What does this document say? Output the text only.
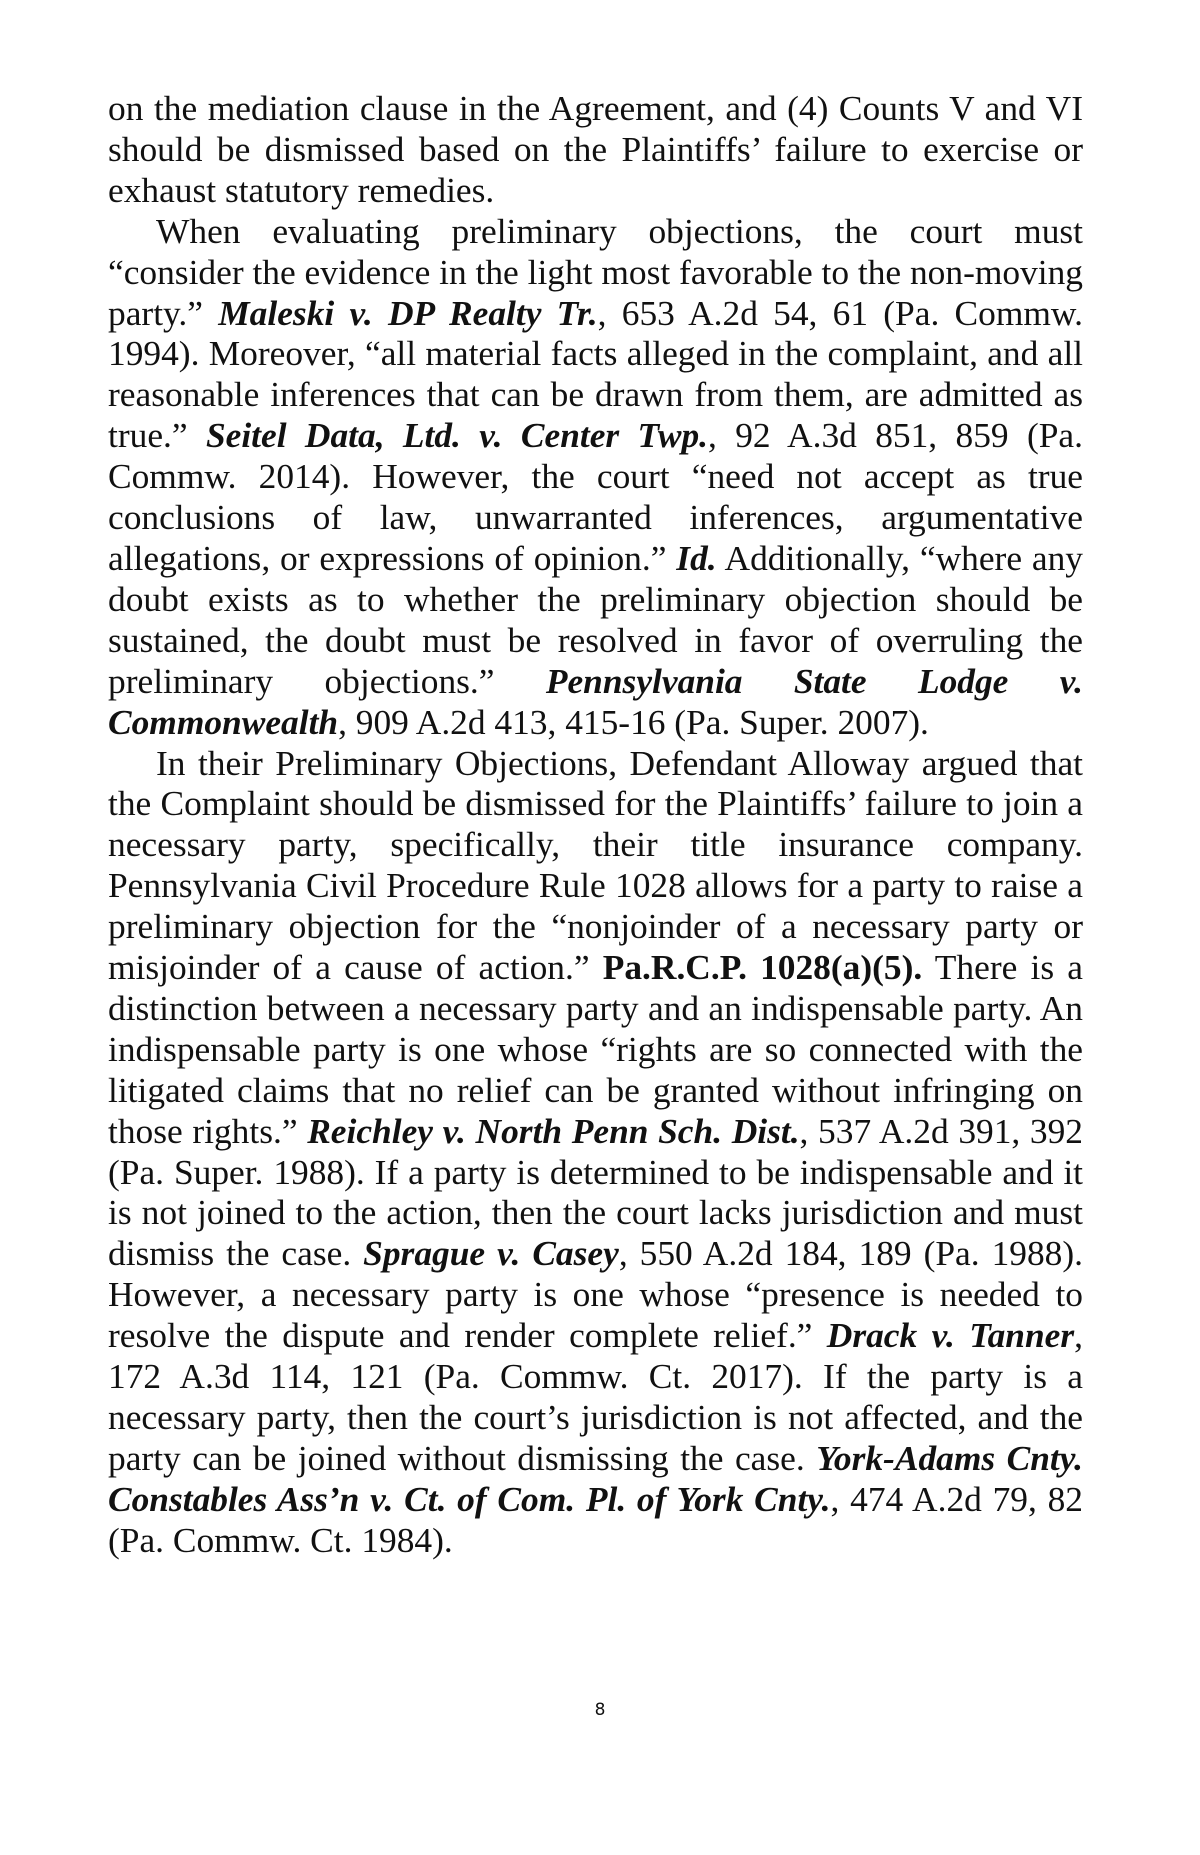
on the mediation clause in the Agreement, and (4) Counts V and VI should be dismissed based on the Plaintiffs’ failure to exercise or exhaust statutory remedies.

When evaluating preliminary objections, the court must “consider the evidence in the light most favorable to the non-moving party.” Maleski v. DP Realty Tr., 653 A.2d 54, 61 (Pa. Commw. 1994). Moreover, “all material facts alleged in the complaint, and all reasonable inferences that can be drawn from them, are admitted as true.” Seitel Data, Ltd. v. Center Twp., 92 A.3d 851, 859 (Pa. Commw. 2014). However, the court “need not accept as true conclusions of law, unwarranted inferences, argumentative allegations, or expressions of opinion.” Id. Additionally, “where any doubt exists as to whether the preliminary objection should be sustained, the doubt must be resolved in favor of overruling the preliminary objections.” Pennsylvania State Lodge v. Commonwealth, 909 A.2d 413, 415-16 (Pa. Super. 2007).

In their Preliminary Objections, Defendant Alloway argued that the Complaint should be dismissed for the Plaintiffs’ failure to join a necessary party, specifically, their title insurance company. Pennsylvania Civil Procedure Rule 1028 allows for a party to raise a preliminary objection for the “nonjoinder of a necessary party or misjoinder of a cause of action.” Pa.R.C.P. 1028(a)(5). There is a distinction between a necessary party and an indispensable party. An indispensable party is one whose “rights are so connected with the litigated claims that no relief can be granted without infringing on those rights.” Reichley v. North Penn Sch. Dist., 537 A.2d 391, 392 (Pa. Super. 1988). If a party is determined to be indispensable and it is not joined to the action, then the court lacks jurisdiction and must dismiss the case. Sprague v. Casey, 550 A.2d 184, 189 (Pa. 1988). However, a necessary party is one whose “presence is needed to resolve the dispute and render complete relief.” Drack v. Tanner, 172 A.3d 114, 121 (Pa. Commw. Ct. 2017). If the party is a necessary party, then the court’s jurisdiction is not affected, and the party can be joined without dismissing the case. York-Adams Cnty. Constables Ass’n v. Ct. of Com. Pl. of York Cnty., 474 A.2d 79, 82 (Pa. Commw. Ct. 1984).

8
